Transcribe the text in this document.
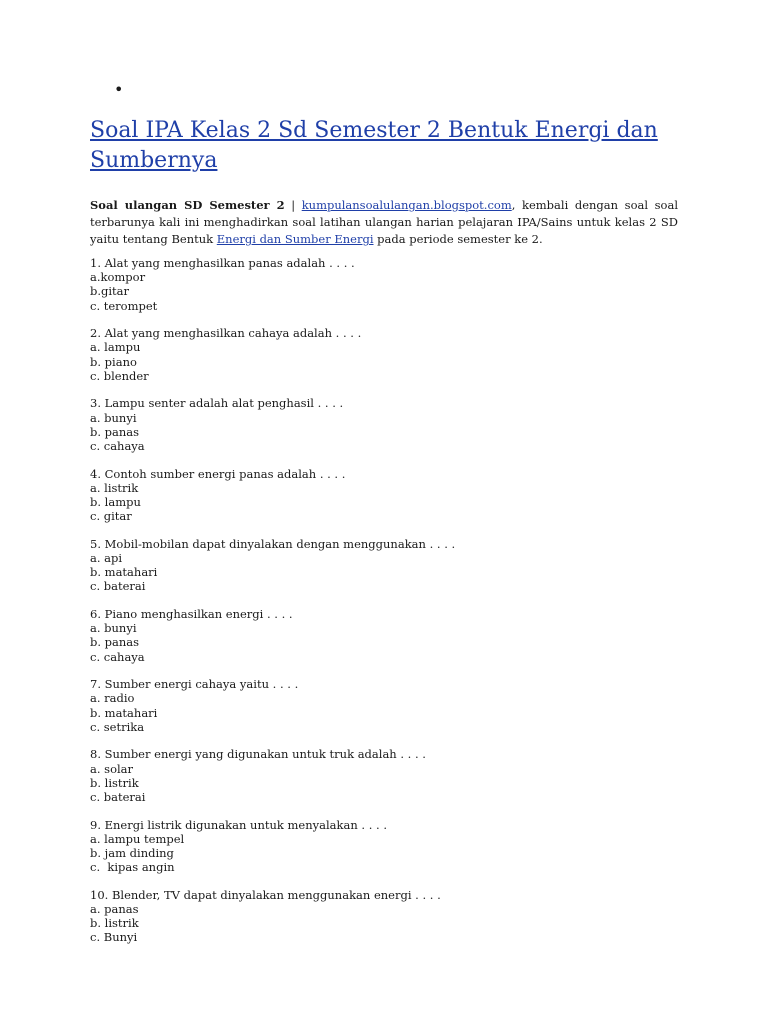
•
Soal IPA Kelas 2 Sd Semester 2 Bentuk Energi dan Sumbernya

Soal ulangan SD Semester 2 | kumpulansoalulangan.blogspot.com, kembali dengan soal soal terbarunya kali ini menghadirkan soal latihan ulangan harian pelajaran IPA/Sains untuk kelas 2 SD yaitu tentang Bentuk Energi dan Sumber Energi pada periode semester ke 2.

1. Alat yang menghasilkan panas adalah . . . .
a.kompor
b.gitar
c. terompet
2. Alat yang menghasilkan cahaya adalah . . . .
a. lampu
b. piano
c. blender
3. Lampu senter adalah alat penghasil . . . .
a. bunyi
b. panas
c. cahaya
4. Contoh sumber energi panas adalah . . . .
a. listrik
b. lampu
c. gitar
5. Mobil-mobilan dapat dinyalakan dengan menggunakan . . . .
a. api
b. matahari
c. baterai
6. Piano menghasilkan energi . . . .
a. bunyi
b. panas
c. cahaya
7. Sumber energi cahaya yaitu . . . .
a. radio
b. matahari
c. setrika
8. Sumber energi yang digunakan untuk truk adalah . . . .
a. solar
b. listrik
c. baterai
9. Energi listrik digunakan untuk menyalakan . . . .
a. lampu tempel
b. jam dinding
c.  kipas angin
10. Blender, TV dapat dinyalakan menggunakan energi . . . .
a. panas
b. listrik
c. Bunyi
